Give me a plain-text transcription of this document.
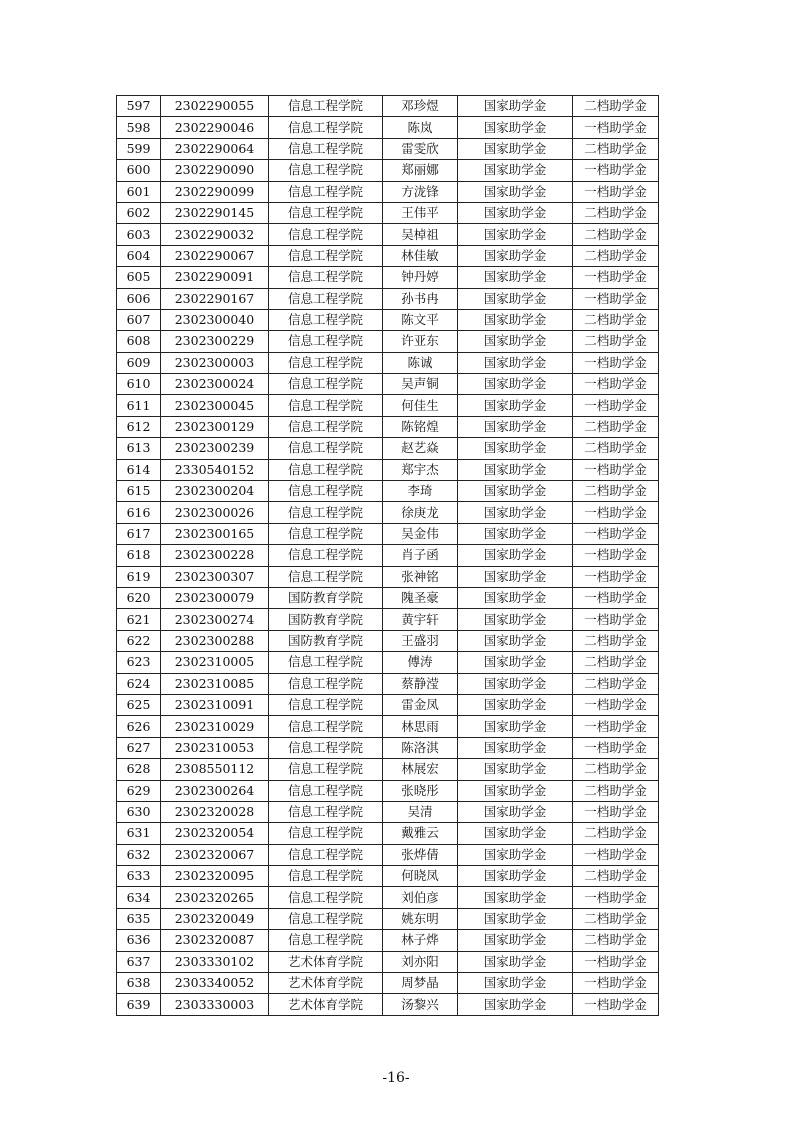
597	2302290055	信息工程学院	邓珍煜	国家助学金	二档助学金
598	2302290046	信息工程学院	陈岚	国家助学金	一档助学金
599	2302290064	信息工程学院	雷雯欣	国家助学金	二档助学金
600	2302290090	信息工程学院	郑丽娜	国家助学金	一档助学金
601	2302290099	信息工程学院	方泷锋	国家助学金	一档助学金
602	2302290145	信息工程学院	王伟平	国家助学金	二档助学金
603	2302290032	信息工程学院	吴棹祖	国家助学金	二档助学金
604	2302290067	信息工程学院	林佳敏	国家助学金	二档助学金
605	2302290091	信息工程学院	钟丹婷	国家助学金	一档助学金
606	2302290167	信息工程学院	孙书冉	国家助学金	一档助学金
607	2302300040	信息工程学院	陈文平	国家助学金	二档助学金
608	2302300229	信息工程学院	许亚东	国家助学金	二档助学金
609	2302300003	信息工程学院	陈诚	国家助学金	一档助学金
610	2302300024	信息工程学院	吴声铜	国家助学金	一档助学金
611	2302300045	信息工程学院	何佳生	国家助学金	一档助学金
612	2302300129	信息工程学院	陈铭煌	国家助学金	二档助学金
613	2302300239	信息工程学院	赵艺焱	国家助学金	二档助学金
614	2330540152	信息工程学院	郑宇杰	国家助学金	一档助学金
615	2302300204	信息工程学院	李琦	国家助学金	二档助学金
616	2302300026	信息工程学院	徐庚龙	国家助学金	一档助学金
617	2302300165	信息工程学院	吴金伟	国家助学金	一档助学金
618	2302300228	信息工程学院	肖子函	国家助学金	一档助学金
619	2302300307	信息工程学院	张神铭	国家助学金	一档助学金
620	2302300079	国防教育学院	隗圣豪	国家助学金	一档助学金
621	2302300274	国防教育学院	黄宇轩	国家助学金	一档助学金
622	2302300288	国防教育学院	王盛羽	国家助学金	二档助学金
623	2302310005	信息工程学院	傅涛	国家助学金	二档助学金
624	2302310085	信息工程学院	蔡静滢	国家助学金	二档助学金
625	2302310091	信息工程学院	雷金凤	国家助学金	一档助学金
626	2302310029	信息工程学院	林思雨	国家助学金	一档助学金
627	2302310053	信息工程学院	陈洛淇	国家助学金	一档助学金
628	2308550112	信息工程学院	林展宏	国家助学金	二档助学金
629	2302300264	信息工程学院	张晓彤	国家助学金	二档助学金
630	2302320028	信息工程学院	吴清	国家助学金	一档助学金
631	2302320054	信息工程学院	戴雅云	国家助学金	二档助学金
632	2302320067	信息工程学院	张烨倩	国家助学金	一档助学金
633	2302320095	信息工程学院	何晓凤	国家助学金	二档助学金
634	2302320265	信息工程学院	刘伯彦	国家助学金	一档助学金
635	2302320049	信息工程学院	姚东明	国家助学金	二档助学金
636	2302320087	信息工程学院	林子烨	国家助学金	二档助学金
637	2303330102	艺术体育学院	刘亦阳	国家助学金	一档助学金
638	2303340052	艺术体育学院	周梦晶	国家助学金	一档助学金
639	2303330003	艺术体育学院	汤黎兴	国家助学金	一档助学金
-16-
